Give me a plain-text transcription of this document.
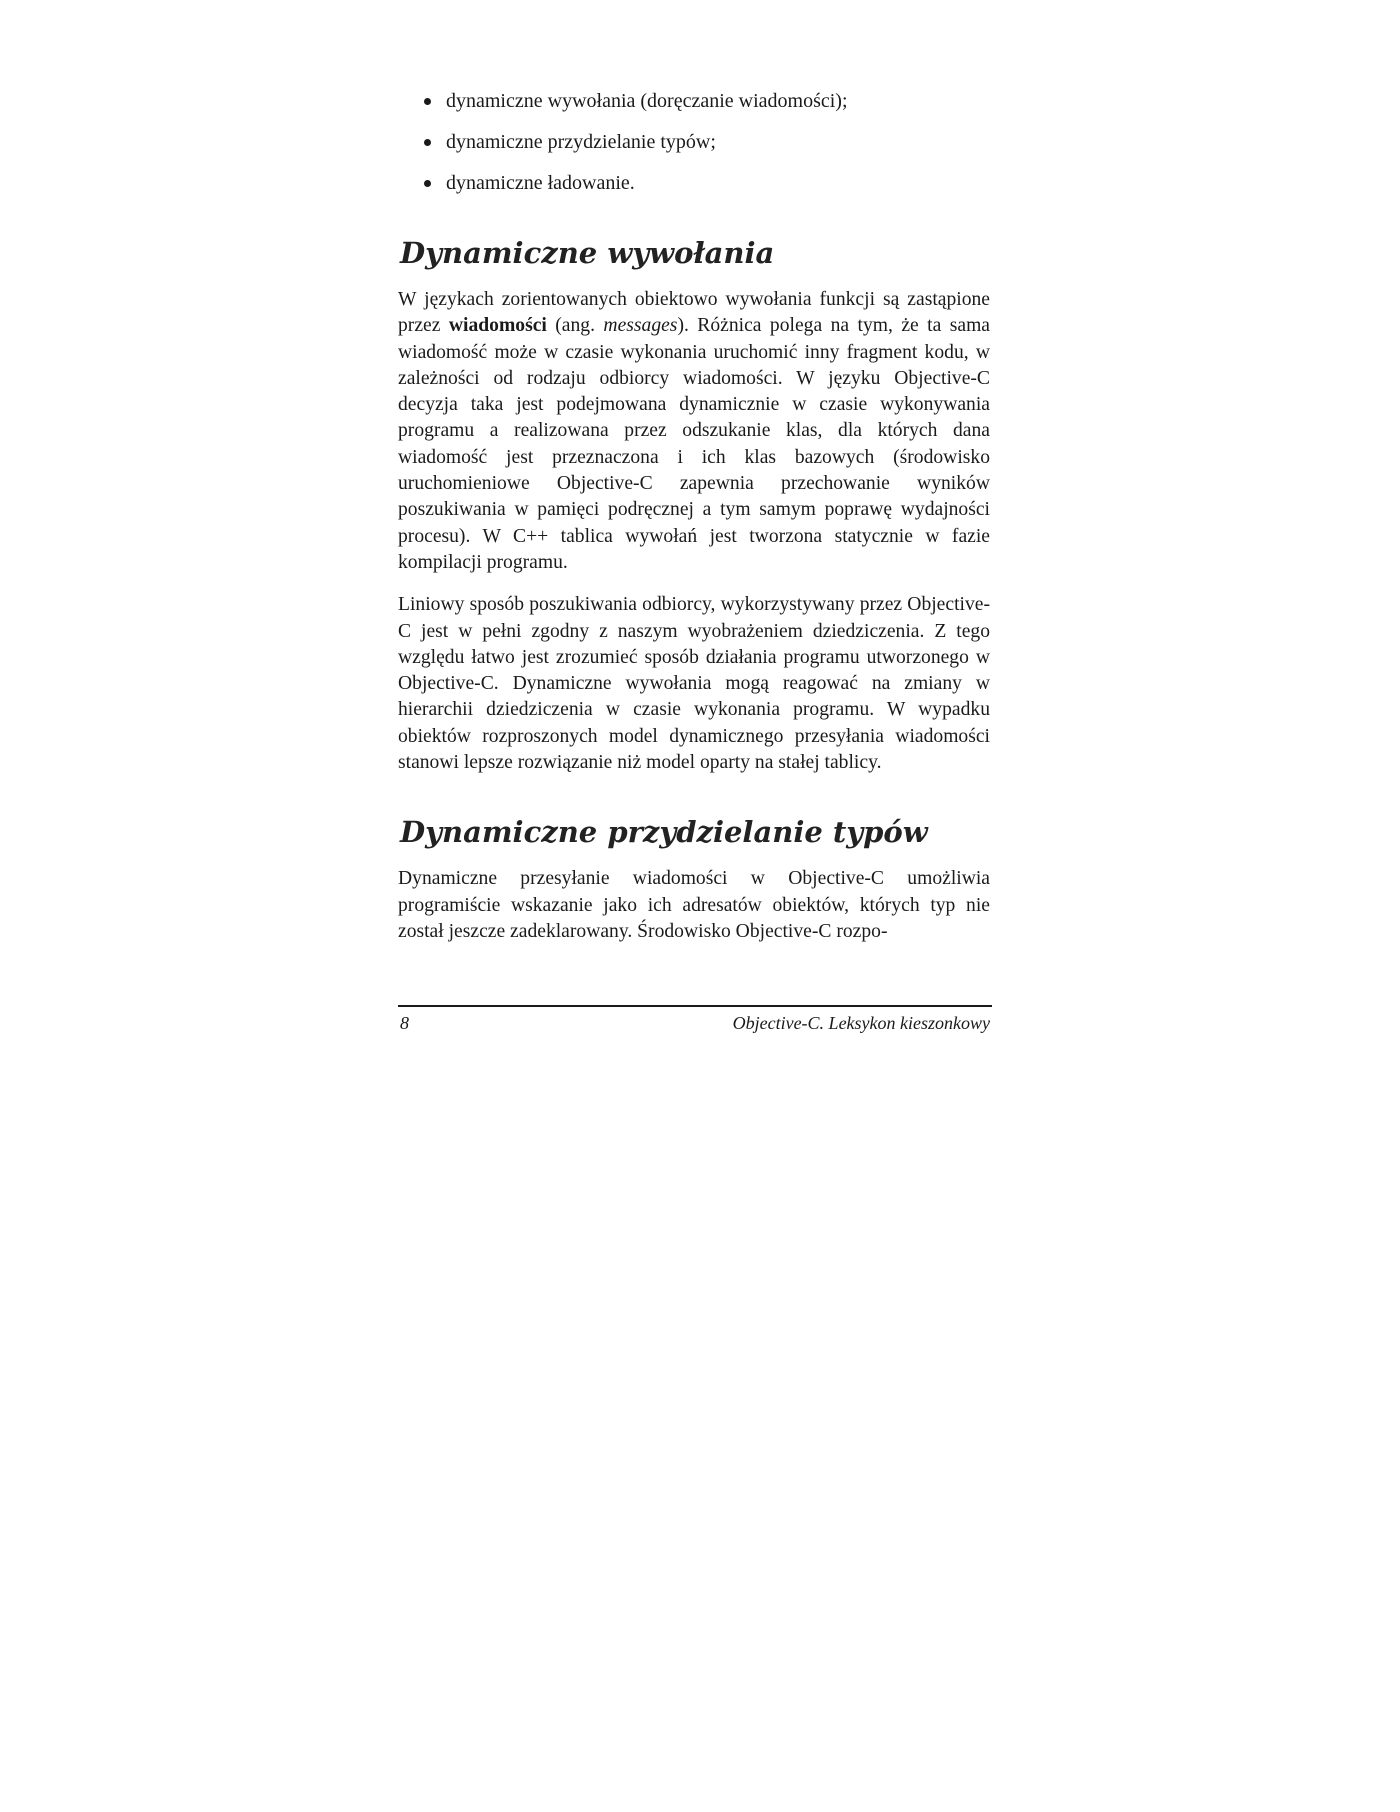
dynamiczne wywołania (doręczanie wiadomości);
dynamiczne przydzielanie typów;
dynamiczne ładowanie.
Dynamiczne wywołania

W językach zorientowanych obiektowo wywołania funkcji są zastąpione przez wiadomości (ang. messages). Różnica polega na tym, że ta sama wiadomość może w czasie wykonania uruchomić inny fragment kodu, w zależności od rodzaju odbiorcy wiadomości. W języku Objective-C decyzja taka jest podejmowana dynamicznie w czasie wykonywania programu a realizowana przez odszukanie klas, dla których dana wiadomość jest przeznaczona i ich klas bazowych (środowisko uruchomieniowe Objective-C zapewnia przechowanie wyników poszukiwania w pamięci podręcznej a tym samym poprawę wydajności procesu). W C++ tablica wywołań jest tworzona statycznie w fazie kompilacji programu.

Liniowy sposób poszukiwania odbiorcy, wykorzystywany przez Objective-C jest w pełni zgodny z naszym wyobrażeniem dziedziczenia. Z tego względu łatwo jest zrozumieć sposób działania programu utworzonego w Objective-C. Dynamiczne wywołania mogą reagować na zmiany w hierarchii dziedziczenia w czasie wykonania programu. W wypadku obiektów rozproszonych model dynamicznego przesyłania wiadomości stanowi lepsze rozwiązanie niż model oparty na stałej tablicy.

Dynamiczne przydzielanie typów

Dynamiczne przesyłanie wiadomości w Objective-C umożliwia programiście wskazanie jako ich adresatów obiektów, których typ nie został jeszcze zadeklarowany. Środowisko Objective-C rozpo-

8	Objective-C. Leksykon kieszonkowy
